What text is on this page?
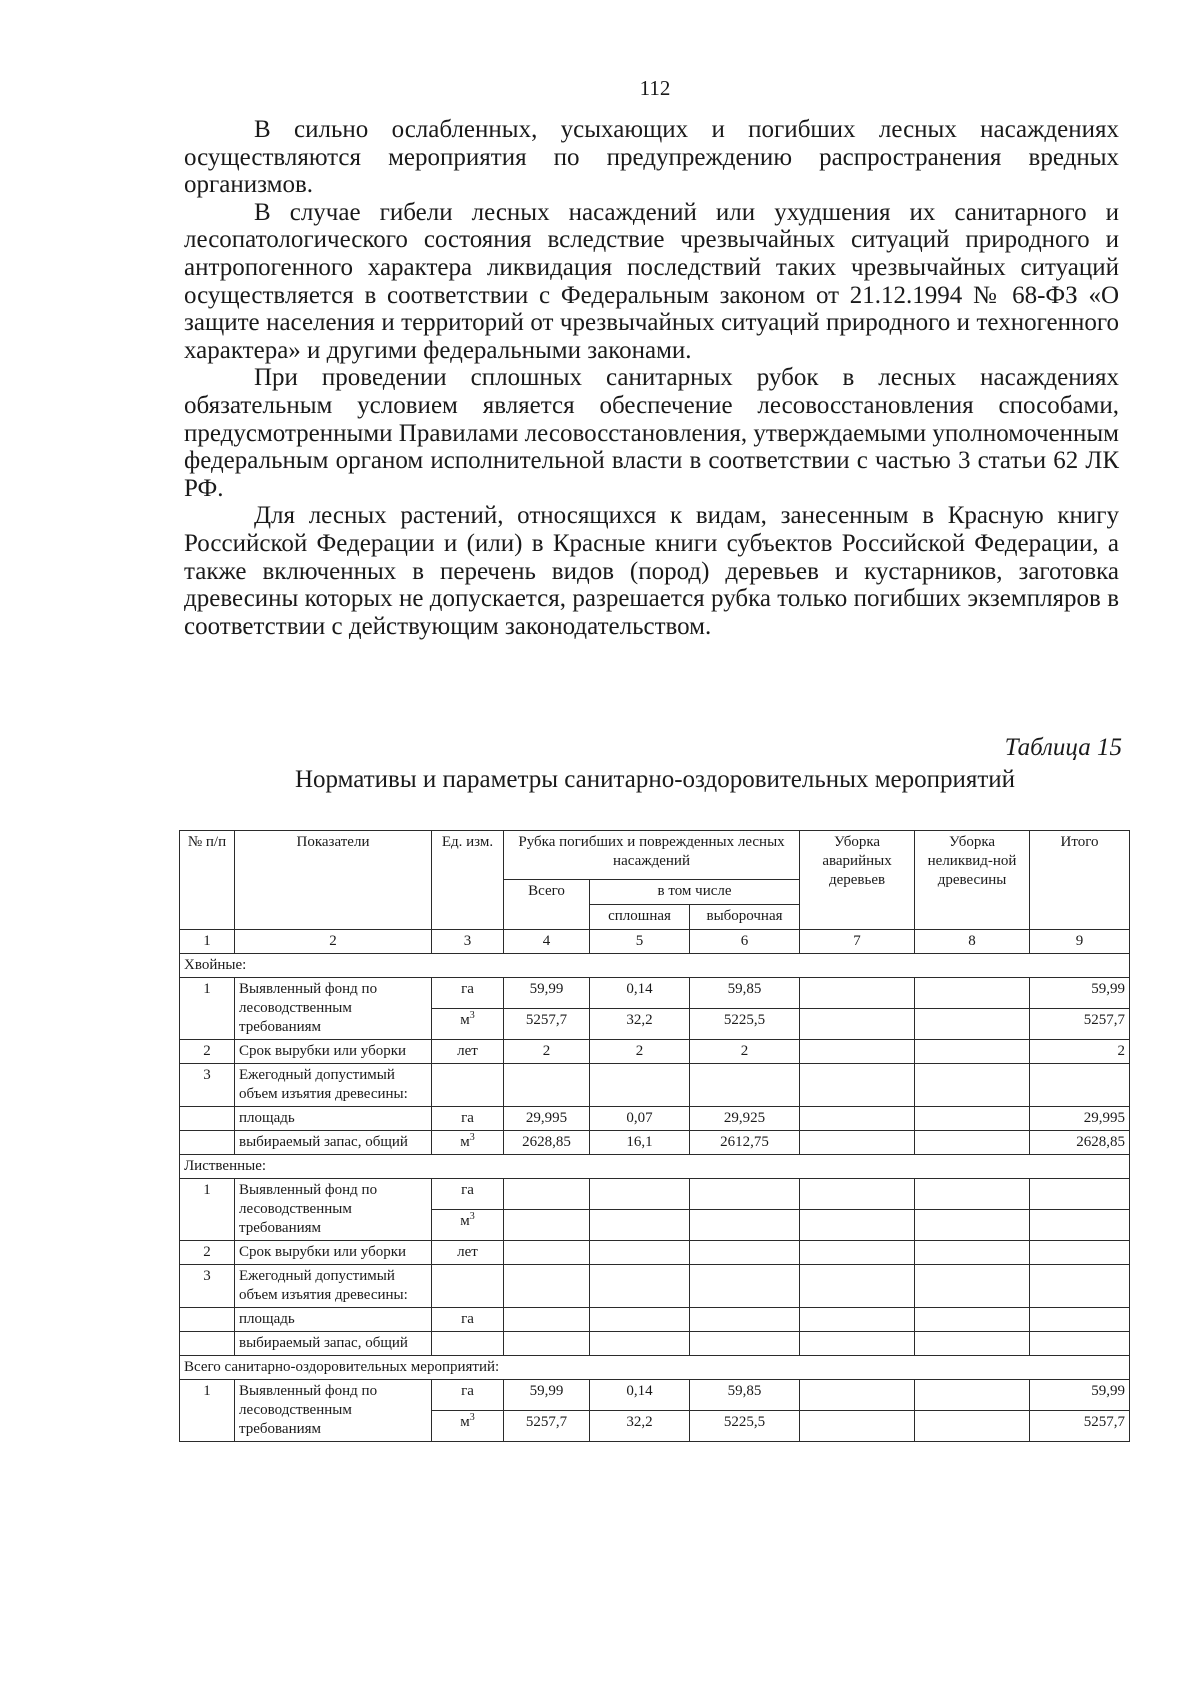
112

В сильно ослабленных, усыхающих и погибших лесных насаждениях осуществляются мероприятия по предупреждению распространения вредных организмов.

В случае гибели лесных насаждений или ухудшения их санитарного и лесопатологического состояния вследствие чрезвычайных ситуаций природного и антропогенного характера ликвидация последствий таких чрезвычайных ситуаций осуществляется в соответствии с Федеральным законом от 21.12.1994 № 68-ФЗ «О защите населения и территорий от чрезвычайных ситуаций природного и техногенного характера» и другими федеральными законами.

При проведении сплошных санитарных рубок в лесных насаждениях обязательным условием является обеспечение лесовосстановления способами, предусмотренными Правилами лесовосстановления, утверждаемыми уполномоченным федеральным органом исполнительной власти в соответствии с частью 3 статьи 62 ЛК РФ.

Для лесных растений, относящихся к видам, занесенным в Красную книгу Российской Федерации и (или) в Красные книги субъектов Российской Федерации, а также включенных в перечень видов (пород) деревьев и кустарников, заготовка древесины которых не допускается, разрешается рубка только погибших экземпляров в соответствии с действующим законодательством.

Таблица 15
Нормативы и параметры санитарно-оздоровительных мероприятий
№ п/п	Показатели	Ед. изм.	Рубка погибших и поврежденных лесных насаждений			Уборка аварийных деревьев	Уборка неликвид-ной древесины	Итого
			Всего	в том числе				
				сплошная	выборочная			
1	2	3	4	5	6	7	8	9
Хвойные:								
1	Выявленный фонд по лесоводственным требованиям	га	59,99	0,14	59,85			59,99
		$м^3$	5257,7	32,2	5225,5			5257,7
2	Срок вырубки или уборки	лет	2	2	2			2
3	Ежегодный допустимый объем изъятия древесины:							
	площадь	га	29,995	0,07	29,925			29,995
	выбираемый запас, общий	$м^3$	2628,85	16,1	2612,75			2628,85
Лиственные:								
1	Выявленный фонд по лесоводственным требованиям	га						
		$м^3$						
2	Срок вырубки или уборки	лет						
3	Ежегодный допустимый объем изъятия древесины:							
	площадь	га						
	выбираемый запас, общий							
Всего санитарно-оздоровительных мероприятий:								
1	Выявленный фонд по лесоводственным требованиям	га	59,99	0,14	59,85			59,99
		$м^3$	5257,7	32,2	5225,5			5257,7
